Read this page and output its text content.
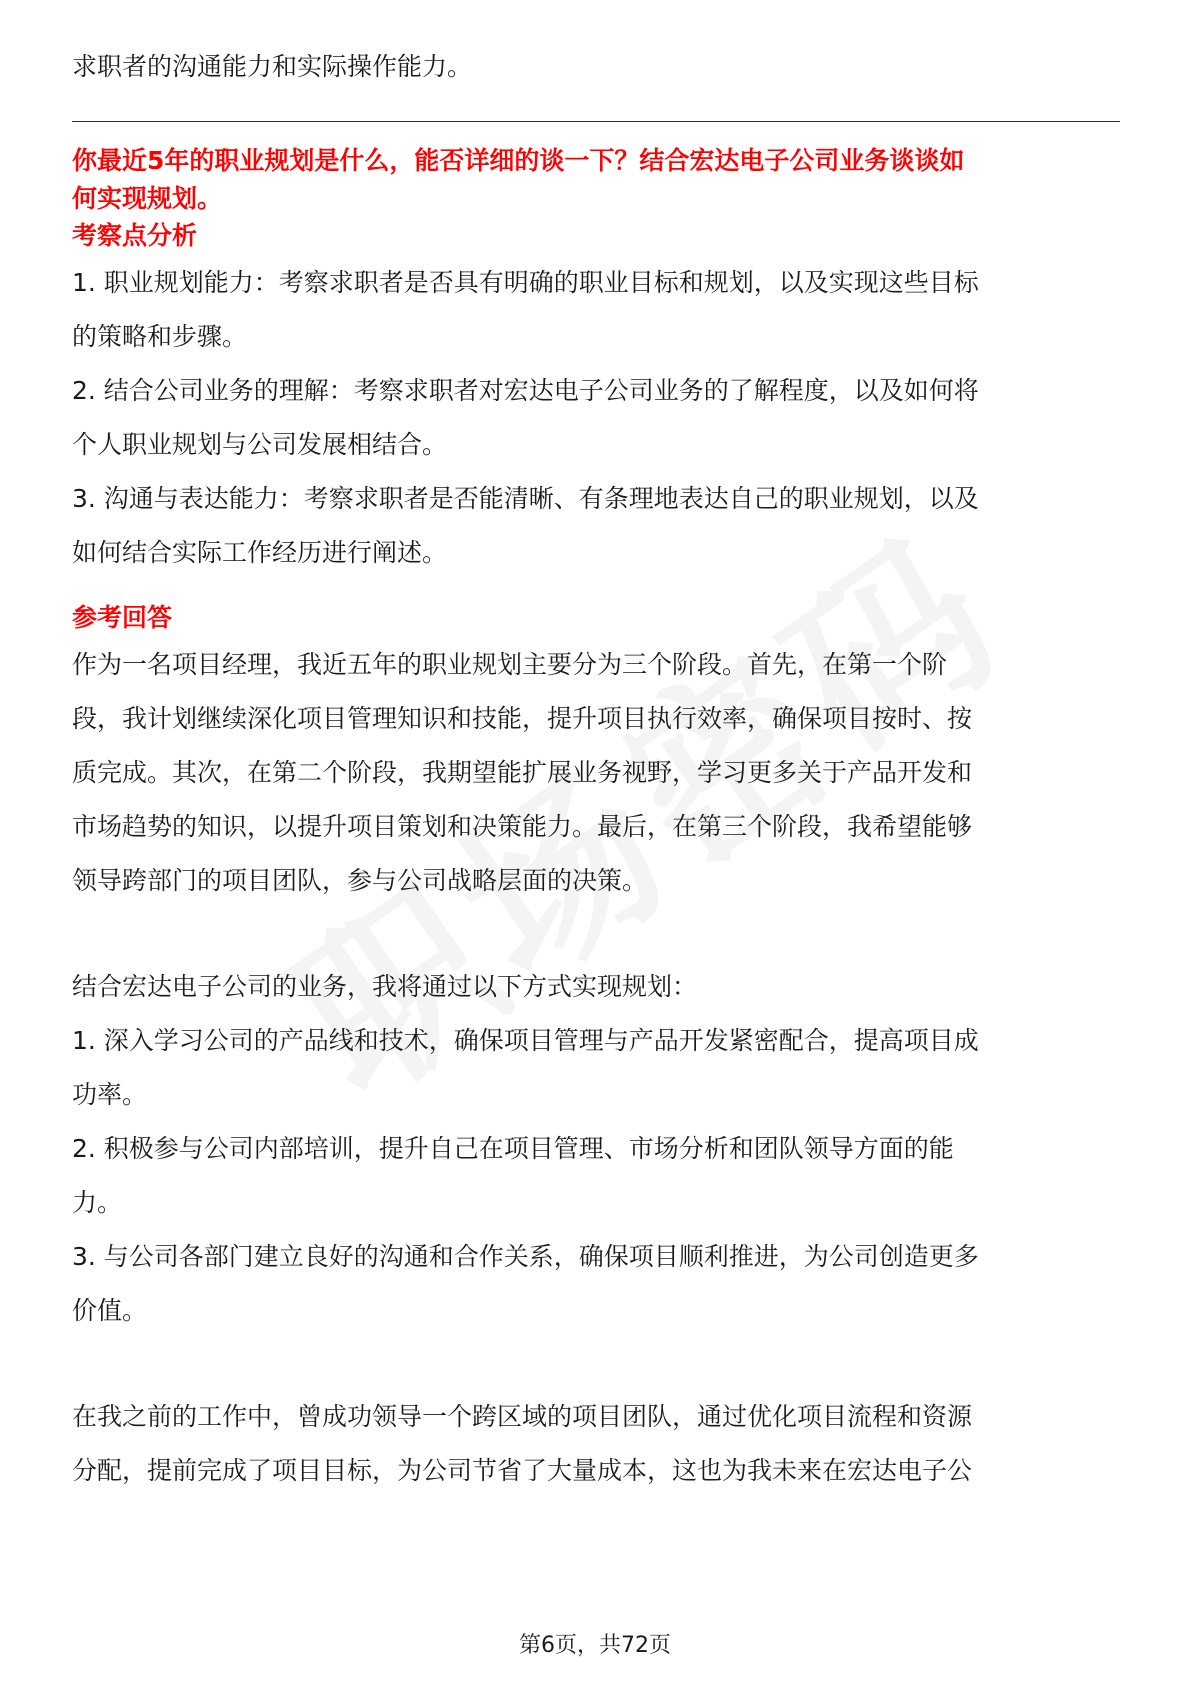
求职者的沟通能力和实际操作能力。

你最近5年的职业规划是什么，能否详细的谈一下？结合宏达电子公司业务谈谈如
何实现规划。
考察点分析

1. 职业规划能力：考察求职者是否具有明确的职业目标和规划，以及实现这些目标

的策略和步骤。

2. 结合公司业务的理解：考察求职者对宏达电子公司业务的了解程度，以及如何将

个人职业规划与公司发展相结合。

3. 沟通与表达能力：考察求职者是否能清晰、有条理地表达自己的职业规划，以及

如何结合实际工作经历进行阐述。

参考回答

作为一名项目经理，我近五年的职业规划主要分为三个阶段。首先，在第一个阶

段，我计划继续深化项目管理知识和技能，提升项目执行效率，确保项目按时、按

质完成。其次，在第二个阶段，我期望能扩展业务视野，学习更多关于产品开发和

市场趋势的知识，以提升项目策划和决策能力。最后，在第三个阶段，我希望能够

领导跨部门的项目团队，参与公司战略层面的决策。

结合宏达电子公司的业务，我将通过以下方式实现规划：

1. 深入学习公司的产品线和技术，确保项目管理与产品开发紧密配合，提高项目成

功率。

2. 积极参与公司内部培训，提升自己在项目管理、市场分析和团队领导方面的能

力。

3. 与公司各部门建立良好的沟通和合作关系，确保项目顺利推进，为公司创造更多

价值。

在我之前的工作中，曾成功领导一个跨区域的项目团队，通过优化项目流程和资源

分配，提前完成了项目目标，为公司节省了大量成本，这也为我未来在宏达电子公

第6页，共72页
